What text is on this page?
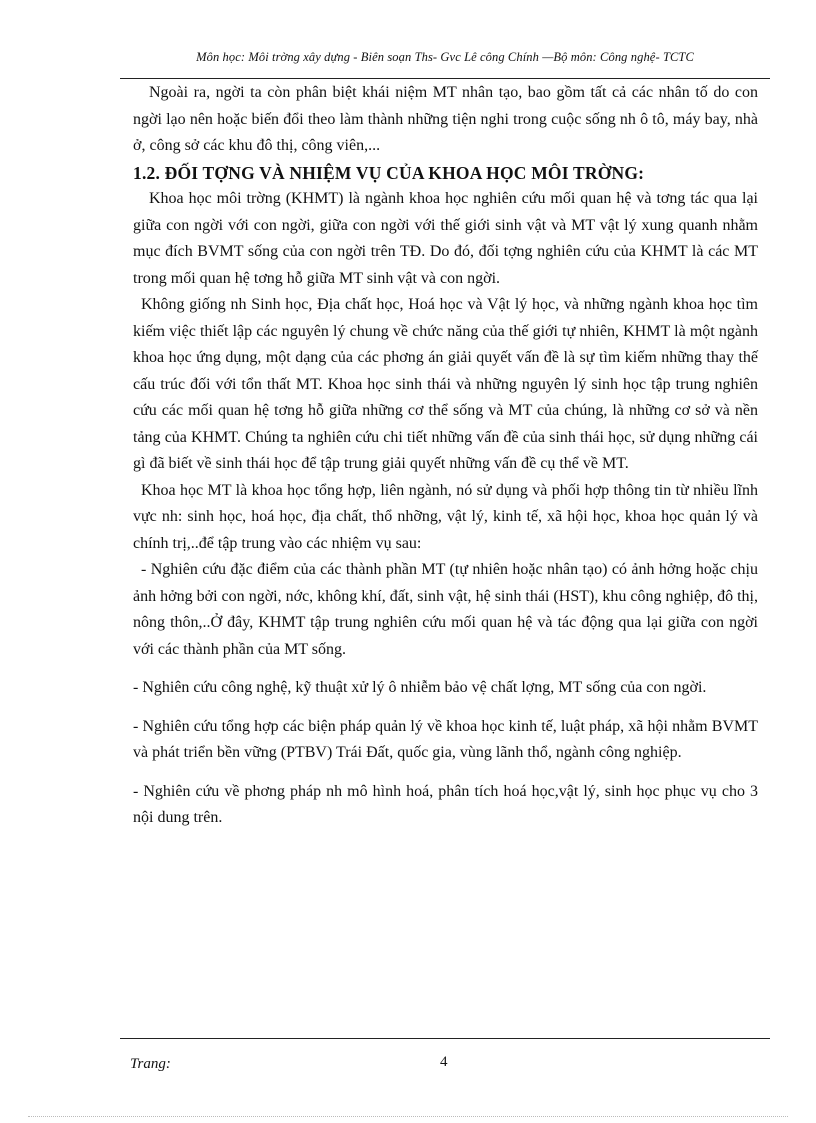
Môn học: Môi trờng xây dựng - Biên soạn Ths- Gvc Lê công Chính —Bộ môn: Công nghệ- TCTC

Ngoài ra, ngời ta còn phân biệt khái niệm MT nhân tạo, bao gồm tất cả các nhân tố do con ngời lạo nên hoặc biến đổi theo làm thành những tiện nghi trong cuộc sống nh ô tô, máy bay, nhà ở, công sở các khu đô thị, công viên,...

1.2. ĐỐI TỢNG VÀ NHIỆM VỤ CỦA KHOA HỌC MÔI TRỜNG:

Khoa học môi trờng (KHMT) là ngành khoa học nghiên cứu mối quan hệ và tơng tác qua lại giữa con ngời với con ngời, giữa con ngời với thế giới sinh vật và MT vật lý xung quanh nhằm mục đích BVMT sống của con ngời trên TĐ. Do đó, đối tợng nghiên cứu của KHMT là các MT trong mối quan hệ tơng hỗ giữa MT sinh vật và con ngời.

Không giống nh Sinh học, Địa chất học, Hoá học và Vật lý học, và những ngành khoa học tìm kiếm việc thiết lập các nguyên lý chung về chức năng của thế giới tự nhiên, KHMT là một ngành khoa học ứng dụng, một dạng của các phơng án giải quyết vấn đề là sự tìm kiếm những thay thế cấu trúc đối với tổn thất MT. Khoa học sinh thái và những nguyên lý sinh học tập trung nghiên cứu các mối quan hệ tơng hỗ giữa những cơ thể sống và MT của chúng, là những cơ sở và nền tảng của KHMT. Chúng ta nghiên cứu chi tiết những vấn đề của sinh thái học, sử dụng những cái gì đã biết về sinh thái học để tập trung giải quyết những vấn đề cụ thể về MT.

Khoa học MT là khoa học tổng hợp, liên ngành, nó sử dụng và phối hợp thông tin từ nhiều lĩnh vực nh: sinh học, hoá học, địa chất, thổ nhỡng, vật lý, kinh tế, xã hội học, khoa học quản lý và chính trị,..để tập trung vào các nhiệm vụ sau:

- Nghiên cứu đặc điểm của các thành phần MT (tự nhiên hoặc nhân tạo) có ảnh hởng hoặc chịu ảnh hởng bởi con ngời, nớc, không khí, đất, sinh vật, hệ sinh thái (HST), khu công nghiệp, đô thị, nông thôn,..Ở đây, KHMT tập trung nghiên cứu mối quan hệ và tác động qua lại giữa con ngời với các thành phần của MT sống.

- Nghiên cứu công nghệ, kỹ thuật xử lý ô nhiễm bảo vệ chất lợng, MT sống của con ngời.

- Nghiên cứu tổng hợp các biện pháp quản lý về khoa học kinh tế, luật pháp, xã hội nhằm BVMT và phát triển bền vững (PTBV) Trái Đất, quốc gia, vùng lãnh thổ, ngành công nghiệp.

- Nghiên cứu về phơng pháp nh mô hình hoá, phân tích hoá học,vật lý, sinh học phục vụ cho 3 nội dung trên.

Trang:	4
